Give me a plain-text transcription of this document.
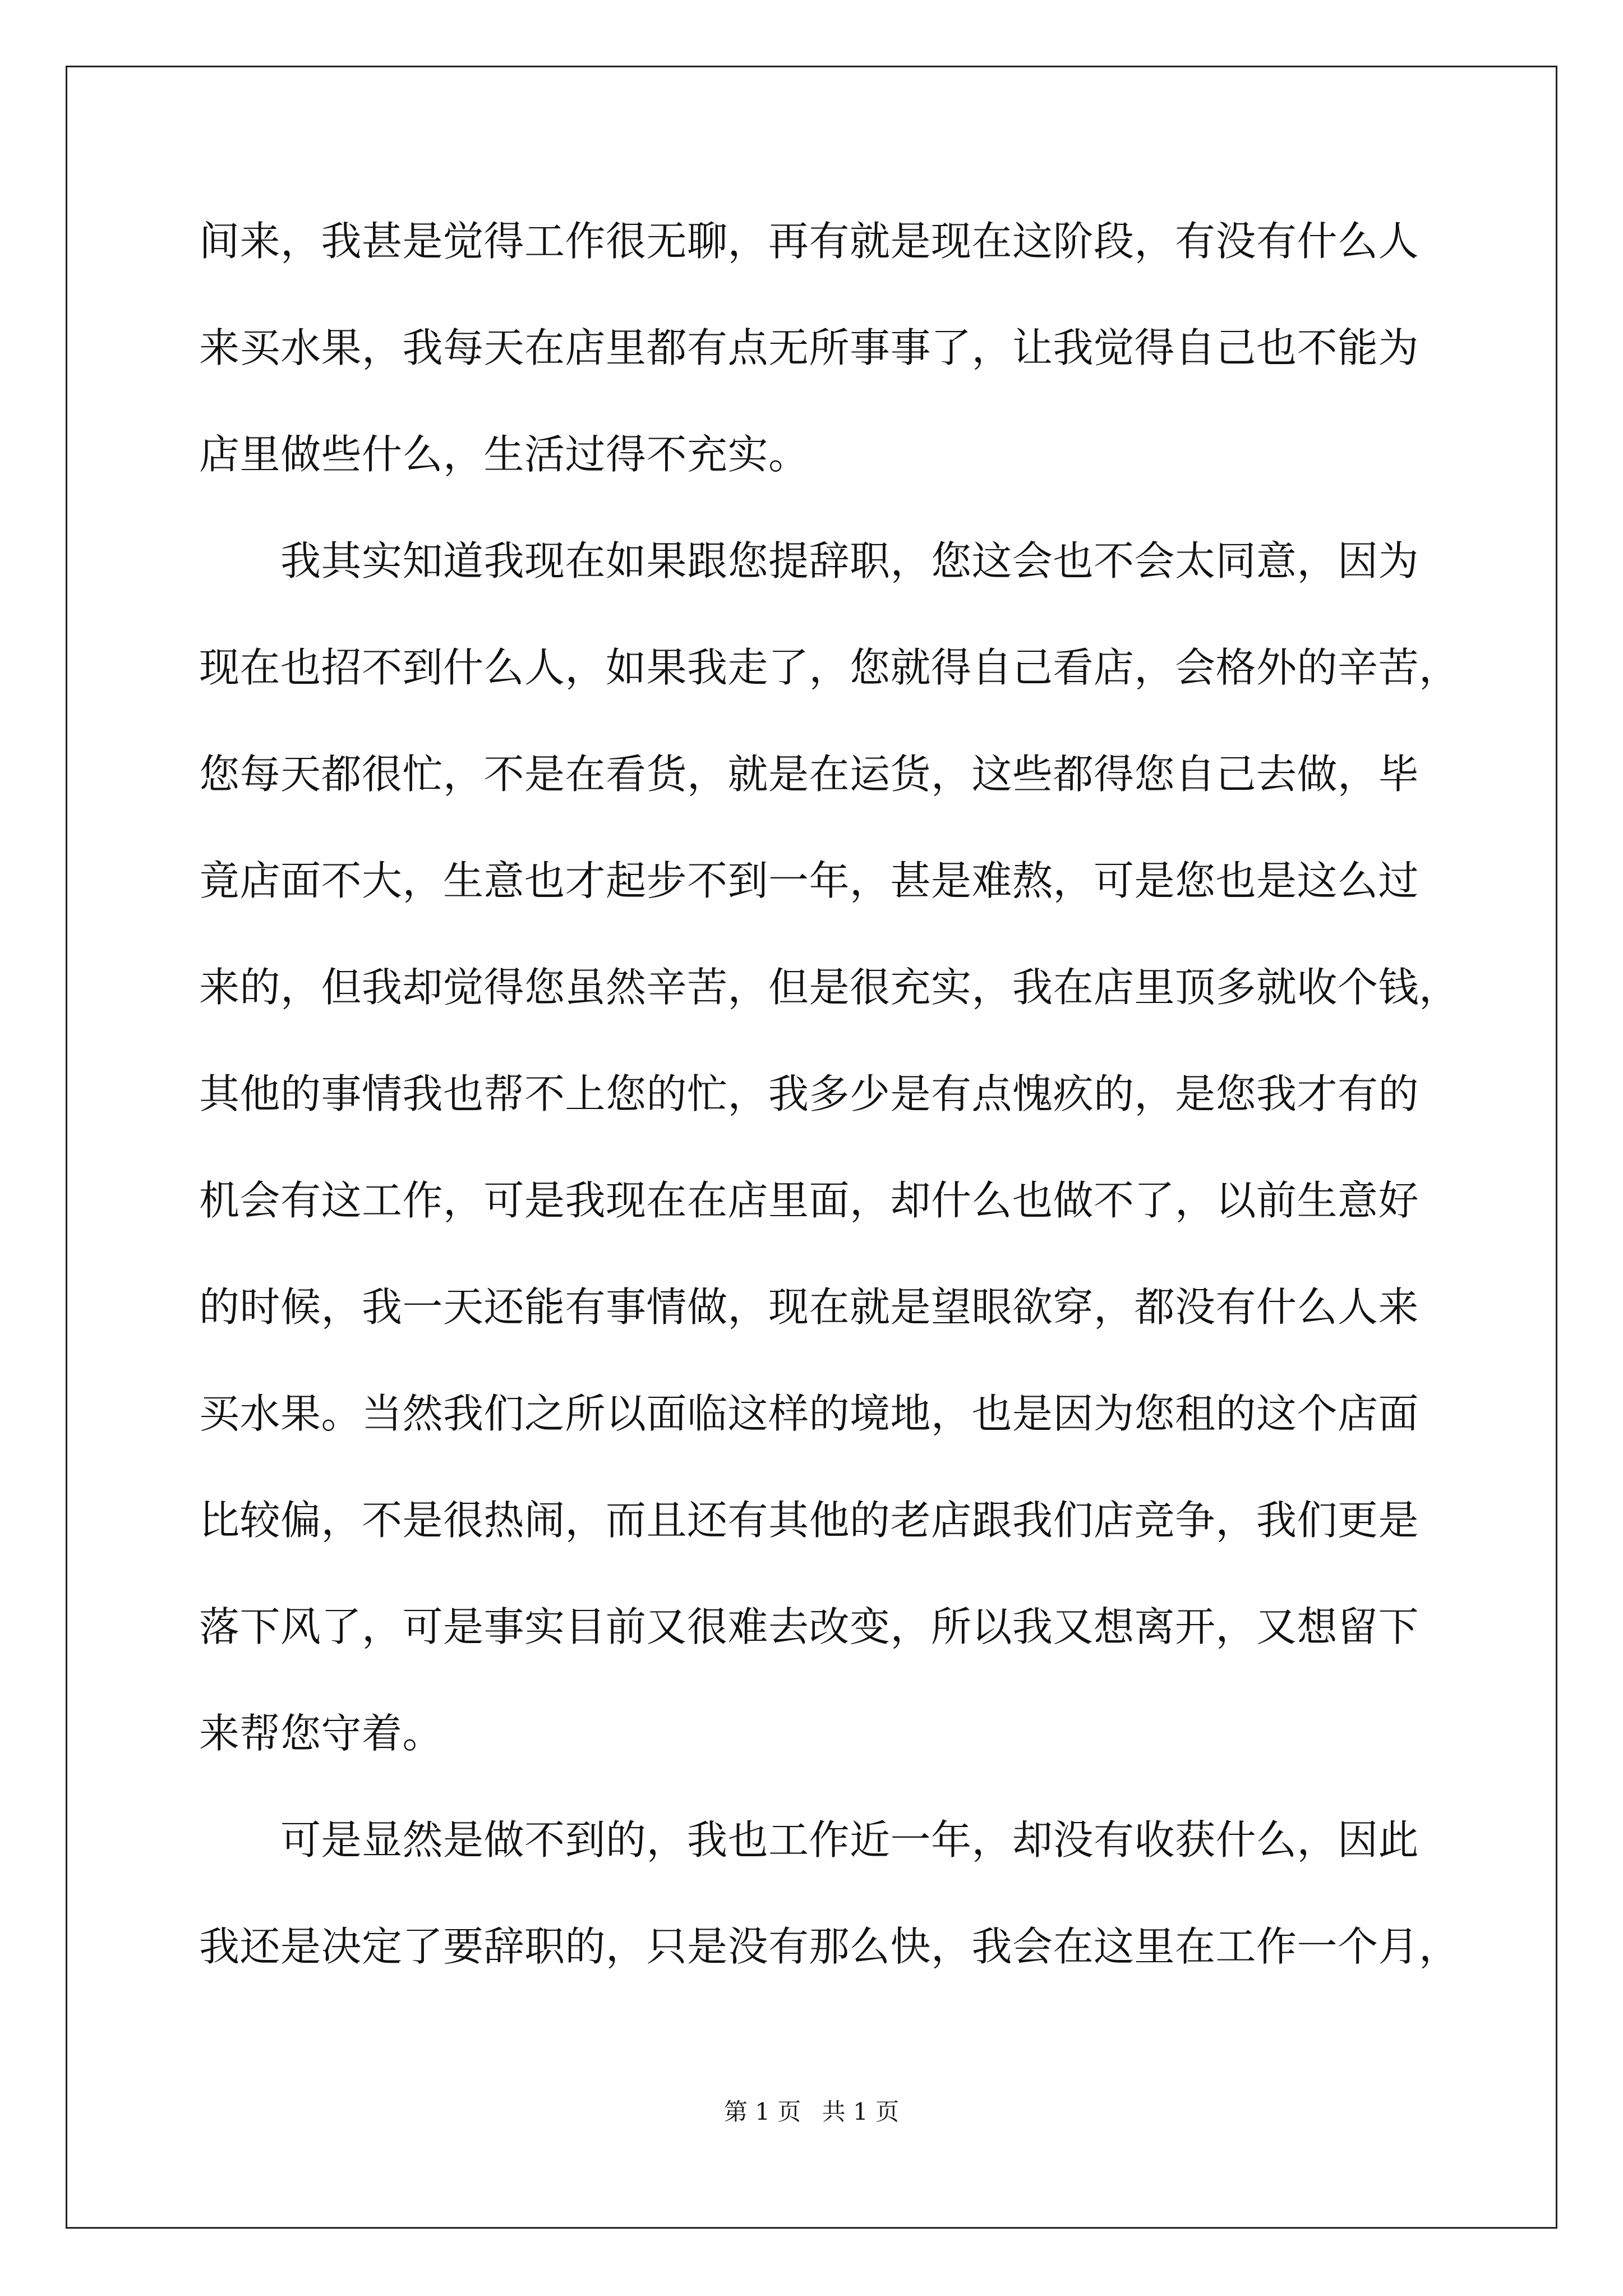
间来，我甚是觉得工作很无聊，再有就是现在这阶段，有没有什么人
来买水果，我每天在店里都有点无所事事了，让我觉得自己也不能为
店里做些什么，生活过得不充实。
　　我其实知道我现在如果跟您提辞职，您这会也不会太同意，因为
现在也招不到什么人，如果我走了，您就得自己看店，会格外的辛苦，
您每天都很忙，不是在看货，就是在运货，这些都得您自己去做，毕
竟店面不大，生意也才起步不到一年，甚是难熬，可是您也是这么过
来的，但我却觉得您虽然辛苦，但是很充实，我在店里顶多就收个钱，
其他的事情我也帮不上您的忙，我多少是有点愧疚的，是您我才有的
机会有这工作，可是我现在在店里面，却什么也做不了，以前生意好
的时候，我一天还能有事情做，现在就是望眼欲穿，都没有什么人来
买水果。当然我们之所以面临这样的境地，也是因为您租的这个店面
比较偏，不是很热闹，而且还有其他的老店跟我们店竞争，我们更是
落下风了，可是事实目前又很难去改变，所以我又想离开，又想留下
来帮您守着。
　　可是显然是做不到的，我也工作近一年，却没有收获什么，因此
我还是决定了要辞职的，只是没有那么快，我会在这里在工作一个月，
第 1 页 共 1 页
